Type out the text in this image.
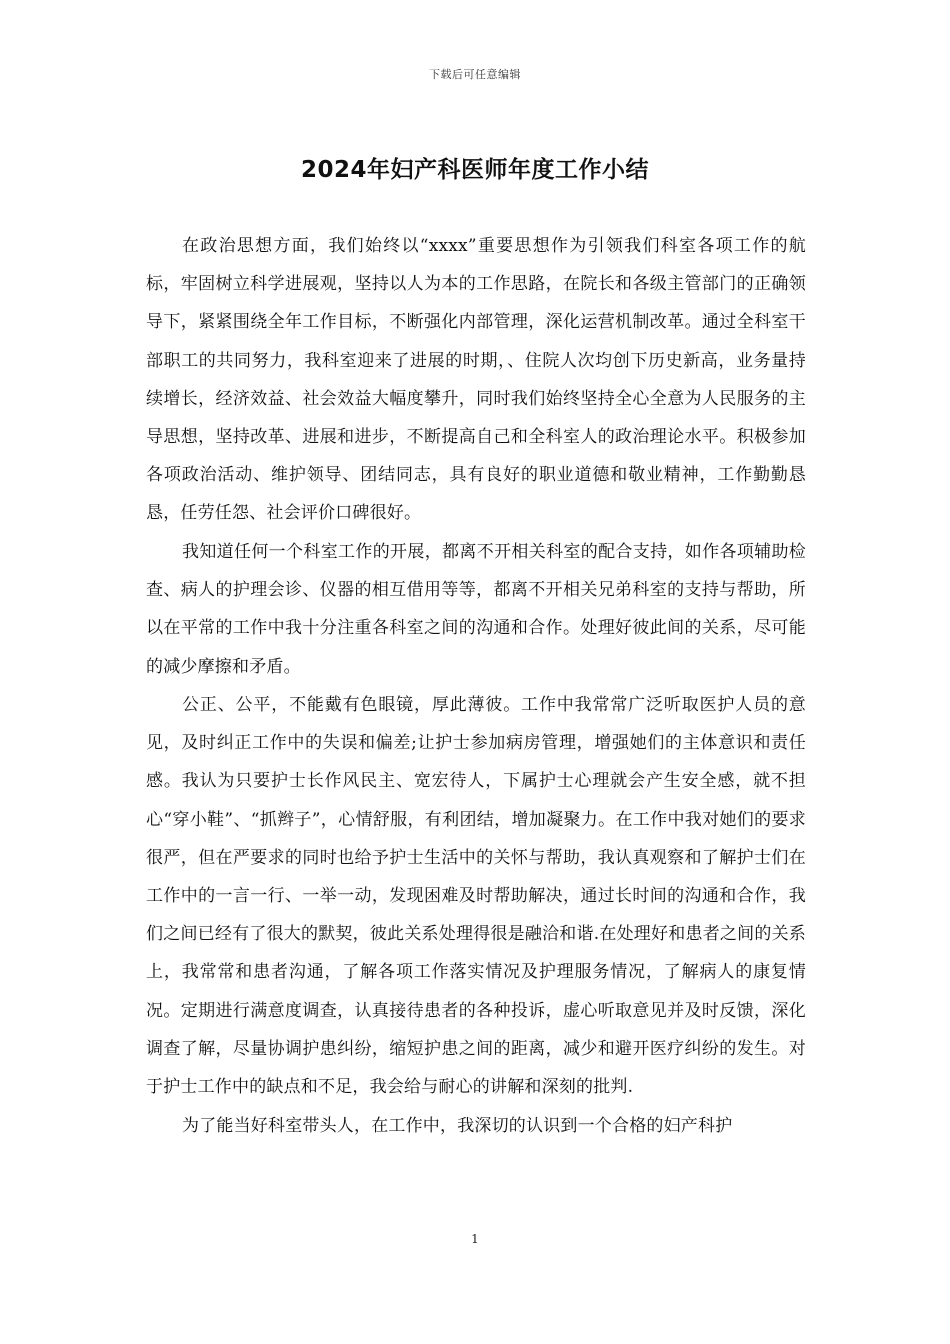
下载后可任意编辑
2024年妇产科医师年度工作小结

在政治思想方面，我们始终以“xxxx”重要思想作为引领我们科室各项工作的航标，牢固树立科学进展观，坚持以人为本的工作思路，在院长和各级主管部门的正确领导下，紧紧围绕全年工作目标，不断强化内部管理，深化运营机制改革。通过全科室干部职工的共同努力，我科室迎来了进展的时期，、住院人次均创下历史新高，业务量持续增长，经济效益、社会效益大幅度攀升，同时我们始终坚持全心全意为人民服务的主导思想，坚持改革、进展和进步，不断提高自己和全科室人的政治理论水平。积极参加各项政治活动、维护领导、团结同志，具有良好的职业道德和敬业精神，工作勤勤恳恳，任劳任怨、社会评价口碑很好。

我知道任何一个科室工作的开展，都离不开相关科室的配合支持，如作各项辅助检查、病人的护理会诊、仪器的相互借用等等，都离不开相关兄弟科室的支持与帮助，所以在平常的工作中我十分注重各科室之间的沟通和合作。处理好彼此间的关系，尽可能的减少摩擦和矛盾。

公正、公平，不能戴有色眼镜，厚此薄彼。工作中我常常广泛听取医护人员的意见，及时纠正工作中的失误和偏差;让护士参加病房管理，增强她们的主体意识和责任感。我认为只要护士长作风民主、宽宏待人，下属护士心理就会产生安全感，就不担心“穿小鞋”、“抓辫子”，心情舒服，有利团结，增加凝聚力。在工作中我对她们的要求很严，但在严要求的同时也给予护士生活中的关怀与帮助，我认真观察和了解护士们在工作中的一言一行、一举一动，发现困难及时帮助解决，通过长时间的沟通和合作，我们之间已经有了很大的默契，彼此关系处理得很是融洽和谐.在处理好和患者之间的关系上，我常常和患者沟通，了解各项工作落实情况及护理服务情况，了解病人的康复情况。定期进行满意度调查，认真接待患者的各种投诉，虚心听取意见并及时反馈，深化调查了解，尽量协调护患纠纷，缩短护患之间的距离，减少和避开医疗纠纷的发生。对于护士工作中的缺点和不足，我会给与耐心的讲解和深刻的批判.

为了能当好科室带头人，在工作中，我深切的认识到一个合格的妇产科护

1
